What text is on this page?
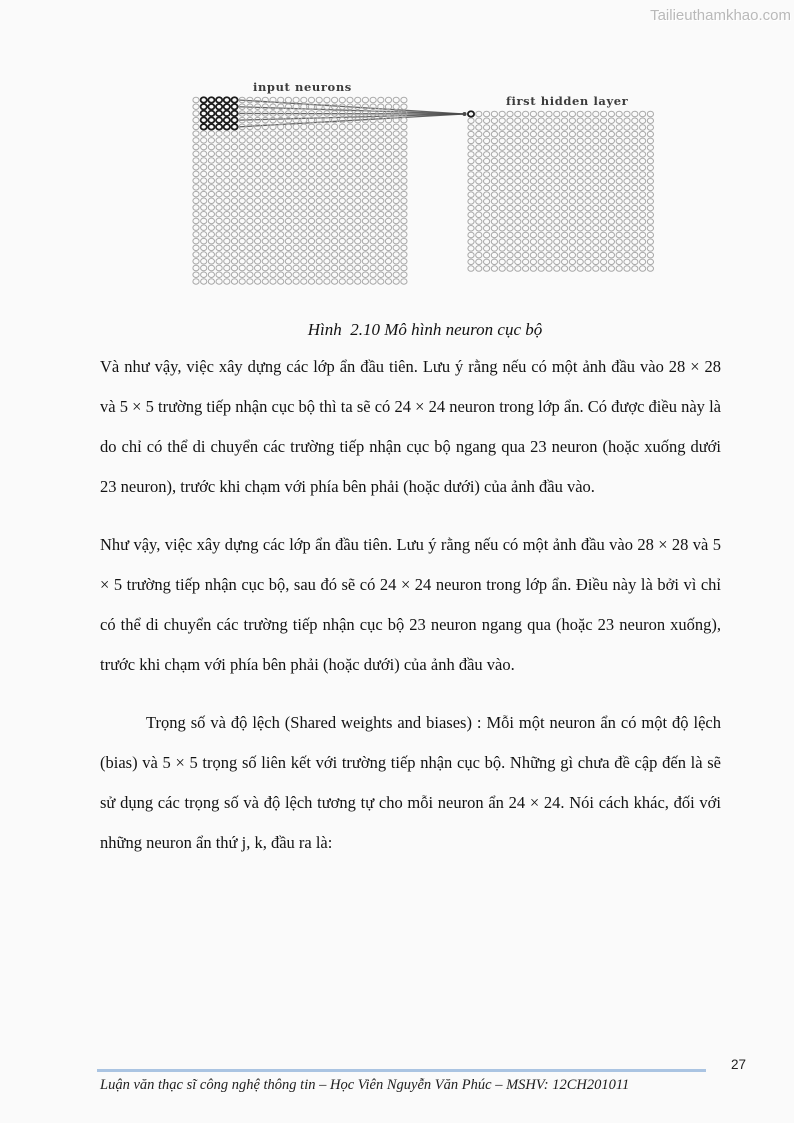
Tailieuthamkhao.com
input neurons
first hidden layer
Hình  2.10 Mô hình neuron cục bộ

Và như vậy, việc xây dựng các lớp ẩn đầu tiên. Lưu ý rằng nếu có một ảnh đầu vào 28 × 28 và 5 × 5 trường tiếp nhận cục bộ thì ta sẽ có 24 × 24 neuron trong lớp ẩn. Có được điều này là do chỉ có thể di chuyển các trường tiếp nhận cục bộ ngang qua 23 neuron (hoặc xuống dưới 23 neuron), trước khi chạm với phía bên phải (hoặc dưới) của ảnh đầu vào.

Như vậy, việc xây dựng các lớp ẩn đầu tiên. Lưu ý rằng nếu có một ảnh đầu vào 28 × 28 và 5 × 5 trường tiếp nhận cục bộ, sau đó sẽ có 24 × 24 neuron trong lớp ẩn. Điều này là bởi vì chỉ có thể di chuyển các trường tiếp nhận cục bộ 23 neuron ngang qua (hoặc 23 neuron xuống), trước khi chạm với phía bên phải (hoặc dưới) của ảnh đầu vào.

Trọng số và độ lệch (Shared weights and biases) : Mỗi một neuron ẩn có một độ lệch (bias) và 5 × 5 trọng số liên kết với trường tiếp nhận cục bộ. Những gì chưa đề cập đến là sẽ sử dụng các trọng số và độ lệch tương tự cho mỗi neuron ẩn 24 × 24. Nói cách khác, đối với những neuron ẩn thứ j, k, đầu ra là:

27
Luận văn thạc sĩ công nghệ thông tin – Học Viên Nguyễn Văn Phúc – MSHV: 12CH201011
